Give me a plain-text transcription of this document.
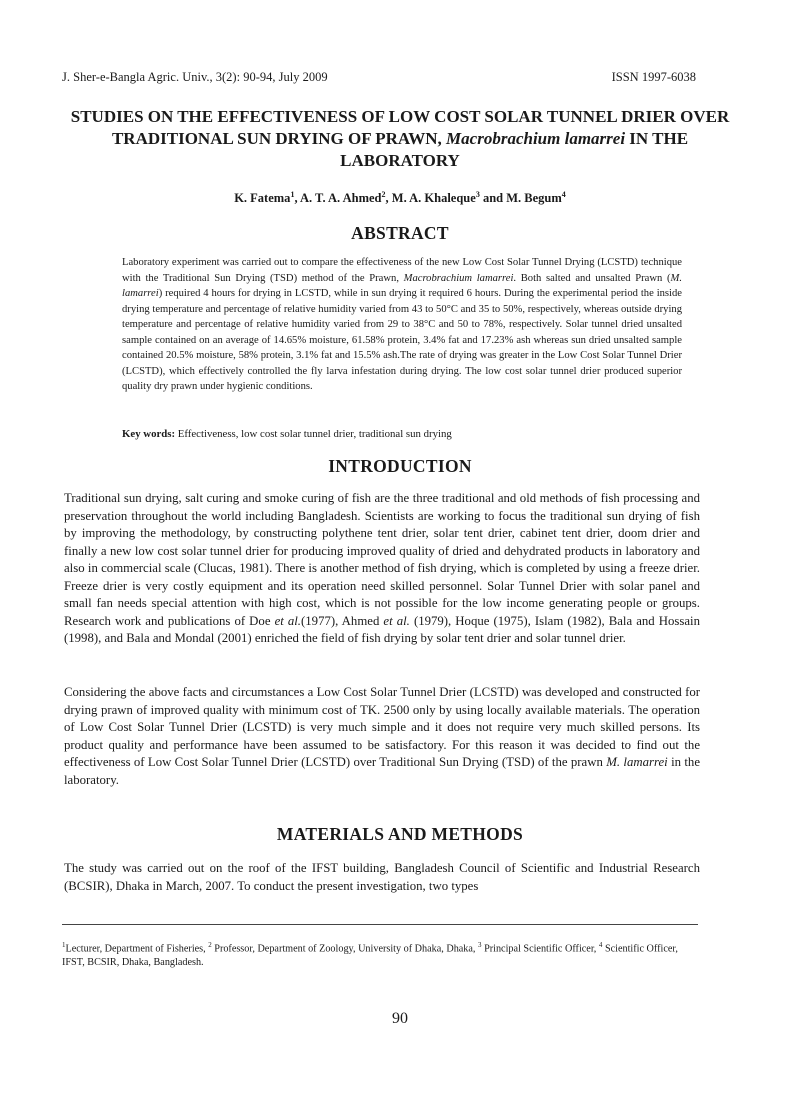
J. Sher-e-Bangla Agric. Univ., 3(2): 90-94, July 2009	ISSN 1997-6038
STUDIES ON THE EFFECTIVENESS OF LOW COST SOLAR TUNNEL DRIER OVER TRADITIONAL SUN DRYING OF PRAWN, Macrobrachium lamarrei IN THE LABORATORY
K. Fatema$^1$, A. T. A. Ahmed$^2$, M. A. Khaleque$^3$ and M. Begum$^4$
ABSTRACT
Laboratory experiment was carried out to compare the effectiveness of the new Low Cost Solar Tunnel Drying (LCSTD) technique with the Traditional Sun Drying (TSD) method of the Prawn, Macrobrachium lamarrei. Both salted and unsalted Prawn (M. lamarrei) required 4 hours for drying in LCSTD, while in sun drying it required 6 hours. During the experimental period the inside drying temperature and percentage of relative humidity varied from 43 to 50°C and 35 to 50%, respectively, whereas outside drying temperature and percentage of relative humidity varied from 29 to 38°C and 50 to 78%, respectively. Solar tunnel dried unsalted sample contained on an average of 14.65% moisture, 61.58% protein, 3.4% fat and 17.23% ash whereas sun dried unsalted sample contained 20.5% moisture, 58% protein, 3.1% fat and 15.5% ash.The rate of drying was greater in the Low Cost Solar Tunnel Drier (LCSTD), which effectively controlled the fly larva infestation during drying. The low cost solar tunnel drier produced superior quality dry prawn under hygienic conditions.
Key words: Effectiveness, low cost solar tunnel drier, traditional sun drying
INTRODUCTION
Traditional sun drying, salt curing and smoke curing of fish are the three traditional and old methods of fish processing and preservation throughout the world including Bangladesh. Scientists are working to focus the traditional sun drying of fish by improving the methodology, by constructing polythene tent drier, solar tent drier, cabinet tent drier, doom drier and finally a new low cost solar tunnel drier for producing improved quality of dried and dehydrated products in laboratory and also in commercial scale (Clucas, 1981). There is another method of fish drying, which is completed by using a freeze drier. Freeze drier is very costly equipment and its operation need skilled personnel. Solar Tunnel Drier with solar panel and small fan needs special attention with high cost, which is not possible for the low income generating people or groups. Research work and publications of Doe et al.(1977), Ahmed et al. (1979), Hoque (1975), Islam (1982), Bala and Hossain (1998), and Bala and Mondal (2001) enriched the field of fish drying by solar tent drier and solar tunnel drier.
Considering the above facts and circumstances a Low Cost Solar Tunnel Drier (LCSTD) was developed and constructed for drying prawn of improved quality with minimum cost of TK. 2500 only by using locally available materials. The operation of Low Cost Solar Tunnel Drier (LCSTD) is very much simple and it does not require very much skilled persons. Its product quality and performance have been assumed to be satisfactory. For this reason it was decided to find out the effectiveness of Low Cost Solar Tunnel Drier (LCSTD) over Traditional Sun Drying (TSD) of the prawn M. lamarrei in the laboratory.
MATERIALS AND METHODS
The study was carried out on the roof of the IFST building, Bangladesh Council of Scientific and Industrial Research (BCSIR), Dhaka in March, 2007. To conduct the present investigation, two types
$^1$Lecturer, Department of Fisheries, $^2$ Professor, Department of Zoology, University of Dhaka, Dhaka, $^3$ Principal Scientific Officer, $^4$ Scientific Officer, IFST, BCSIR, Dhaka, Bangladesh.
90
